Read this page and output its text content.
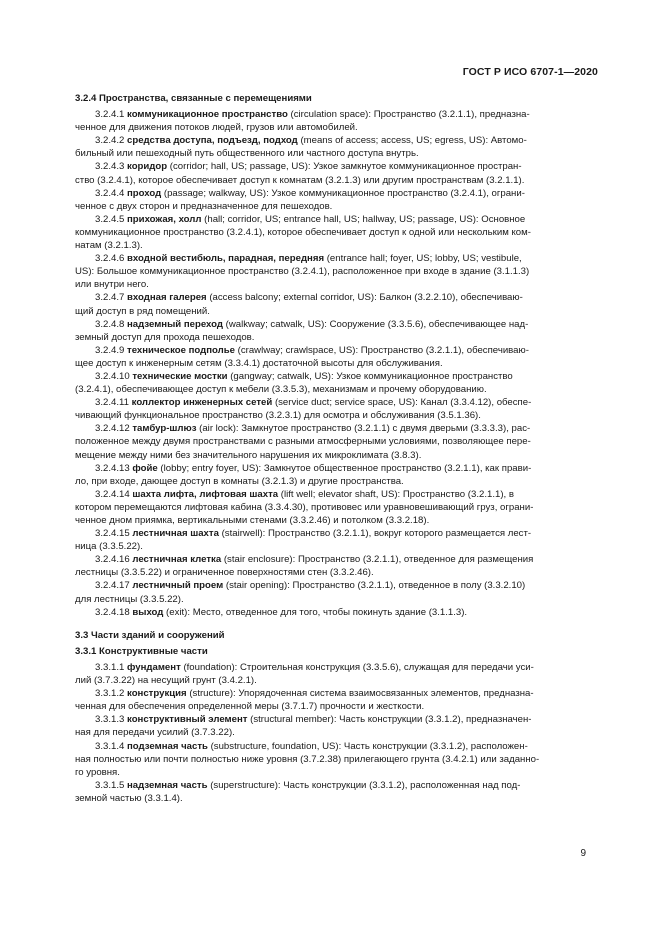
ГОСТ Р ИСО 6707-1—2020
3.2.4 Пространства, связанные с перемещениями
3.2.4.1 коммуникационное пространство (circulation space): Пространство (3.2.1.1), предназна-
ченное для движения потоков людей, грузов или автомобилей.
3.2.4.2 средства доступа, подъезд, подход (means of access; access, US; egress, US): Автомо-
бильный или пешеходный путь общественного или частного доступа внутрь.
3.2.4.3 коридор (corridor; hall, US; passage, US): Узкое замкнутое коммуникационное простран-
ство (3.2.4.1), которое обеспечивает доступ к комнатам (3.2.1.3) или другим пространствам (3.2.1.1).
3.2.4.4 проход (passage; walkway, US): Узкое коммуникационное пространство (3.2.4.1), ограни-
ченное с двух сторон и предназначенное для пешеходов.
3.2.4.5 прихожая, холл (hall; corridor, US; entrance hall, US; hallway, US; passage, US): Основное
коммуникационное пространство (3.2.4.1), которое обеспечивает доступ к одной или нескольким ком-
натам (3.2.1.3).
3.2.4.6 входной вестибюль, парадная, передняя (entrance hall; foyer, US; lobby, US; vestibule,
US): Большое коммуникационное пространство (3.2.4.1), расположенное при входе в здание (3.1.1.3)
или внутри него.
3.2.4.7 входная галерея (access balcony; external corridor, US): Балкон (3.2.2.10), обеспечиваю-
щий доступ в ряд помещений.
3.2.4.8 надземный переход (walkway; catwalk, US): Сооружение (3.3.5.6), обеспечивающее над-
земный доступ для прохода пешеходов.
3.2.4.9 техническое подполье (crawlway; crawlspace, US): Пространство (3.2.1.1), обеспечиваю-
щее доступ к инженерным сетям (3.3.4.1) достаточной высоты для обслуживания.
3.2.4.10 технические мостки (gangway; catwalk, US): Узкое коммуникационное пространство
(3.2.4.1), обеспечивающее доступ к мебели (3.3.5.3), механизмам и прочему оборудованию.
3.2.4.11 коллектор инженерных сетей (service duct; service space, US): Канал (3.3.4.12), обеспе-
чивающий функциональное пространство (3.2.3.1) для осмотра и обслуживания (3.5.1.36).
3.2.4.12 тамбур-шлюз (air lock): Замкнутое пространство (3.2.1.1) с двумя дверьми (3.3.3.3), рас-
положенное между двумя пространствами с разными атмосферными условиями, позволяющее пере-
мещение между ними без значительного нарушения их микроклимата (3.8.3).
3.2.4.13 фойе (lobby; entry foyer, US): Замкнутое общественное пространство (3.2.1.1), как прави-
ло, при входе, дающее доступ в комнаты (3.2.1.3) и другие пространства.
3.2.4.14 шахта лифта, лифтовая шахта (lift well; elevator shaft, US): Пространство (3.2.1.1), в
котором перемещаются лифтовая кабина (3.3.4.30), противовес или уравновешивающий груз, ограни-
ченное дном приямка, вертикальными стенами (3.3.2.46) и потолком (3.3.2.18).
3.2.4.15 лестничная шахта (stairwell): Пространство (3.2.1.1), вокруг которого размещается лест-
ница (3.3.5.22).
3.2.4.16 лестничная клетка (stair enclosure): Пространство (3.2.1.1), отведенное для размещения
лестницы (3.3.5.22) и ограниченное поверхностями стен (3.3.2.46).
3.2.4.17 лестничный проем (stair opening): Пространство (3.2.1.1), отведенное в полу (3.3.2.10)
для лестницы (3.3.5.22).
3.2.4.18 выход (exit): Место, отведенное для того, чтобы покинуть здание (3.1.1.3).
3.3 Части зданий и сооружений
3.3.1 Конструктивные части
3.3.1.1 фундамент (foundation): Строительная конструкция (3.3.5.6), служащая для передачи уси-
лий (3.7.3.22) на несущий грунт (3.4.2.1).
3.3.1.2 конструкция (structure): Упорядоченная система взаимосвязанных элементов, предназна-
ченная для обеспечения определенной меры (3.7.1.7) прочности и жесткости.
3.3.1.3 конструктивный элемент (structural member): Часть конструкции (3.3.1.2), предназначен-
ная для передачи усилий (3.7.3.22).
3.3.1.4 подземная часть (substructure, foundation, US): Часть конструкции (3.3.1.2), расположен-
ная полностью или почти полностью ниже уровня (3.7.2.38) прилегающего грунта (3.4.2.1) или заданно-
го уровня.
3.3.1.5 надземная часть (superstructure): Часть конструкции (3.3.1.2), расположенная над под-
земной частью (3.3.1.4).
9
